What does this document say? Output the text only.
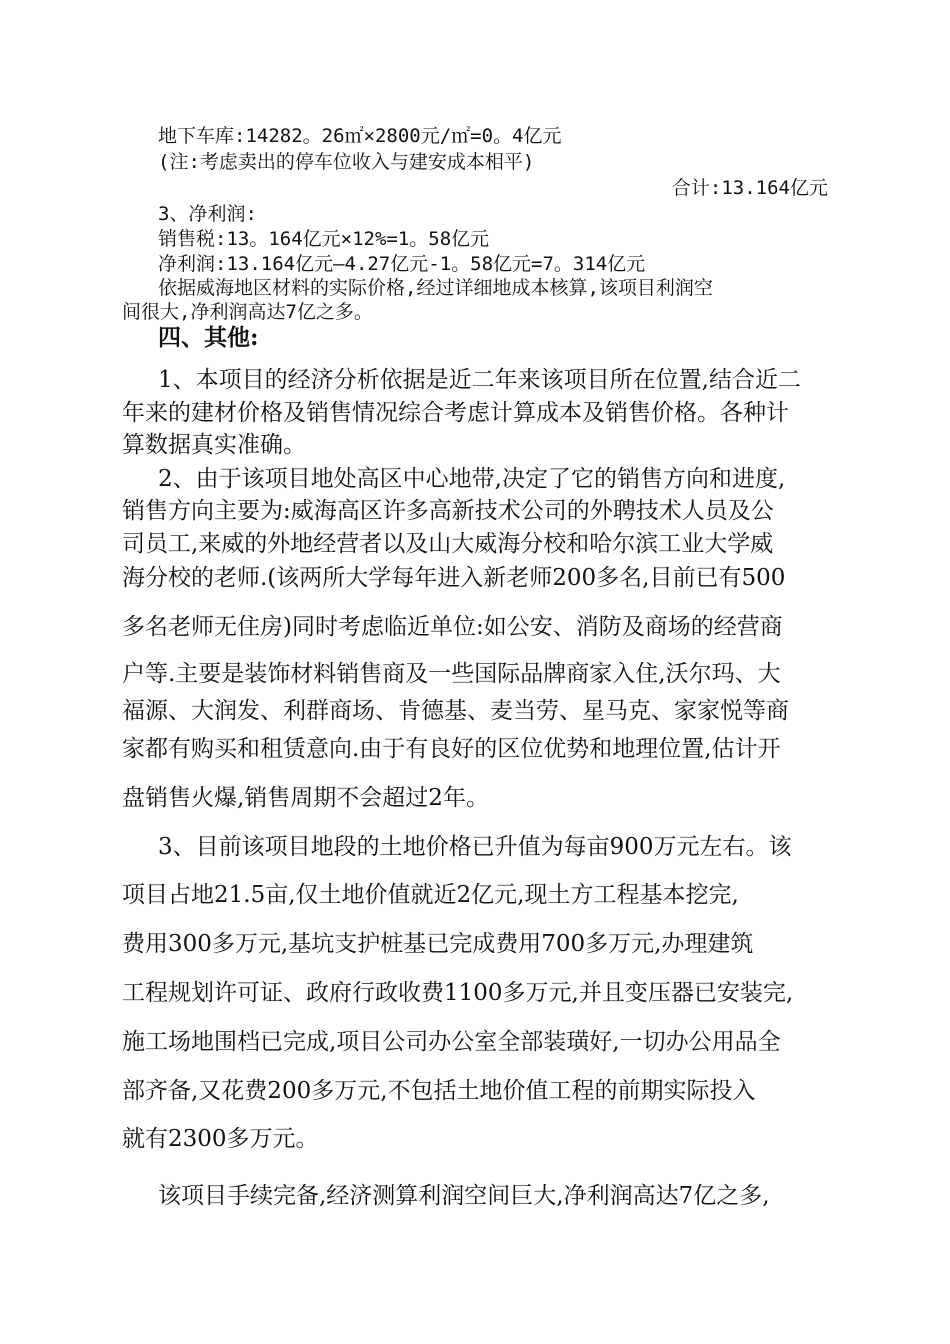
地下车库:14282。26㎡×2800元/㎡=0。4亿元
(注:考虑卖出的停车位收入与建安成本相平)
合计:13.164亿元
3、净利润:
销售税:13。164亿元×12%=1。58亿元
净利润:13.164亿元—4.27亿元-1。58亿元=7。314亿元
依据威海地区材料的实际价格,经过详细地成本核算,该项目利润空
间很大,净利润高达7亿之多。
四、其他:
1、本项目的经济分析依据是近二年来该项目所在位置,结合近二
年来的建材价格及销售情况综合考虑计算成本及销售价格。各种计
算数据真实准确。
2、由于该项目地处高区中心地带,决定了它的销售方向和进度,
销售方向主要为:威海高区许多高新技术公司的外聘技术人员及公
司员工,来威的外地经营者以及山大威海分校和哈尔滨工业大学威
海分校的老师.(该两所大学每年进入新老师200多名,目前已有500
多名老师无住房)同时考虑临近单位:如公安、消防及商场的经营商
户等.主要是装饰材料销售商及一些国际品牌商家入住,沃尔玛、大
福源、大润发、利群商场、肯德基、麦当劳、星马克、家家悦等商
家都有购买和租赁意向.由于有良好的区位优势和地理位置,估计开
盘销售火爆,销售周期不会超过2年。
3、目前该项目地段的土地价格已升值为每亩900万元左右。该
项目占地21.5亩,仅土地价值就近2亿元,现土方工程基本挖完,
费用300多万元,基坑支护桩基已完成费用700多万元,办理建筑
工程规划许可证、政府行政收费1100多万元,并且变压器已安装完,
施工场地围档已完成,项目公司办公室全部装璜好,一切办公用品全
部齐备,又花费200多万元,不包括土地价值工程的前期实际投入
就有2300多万元。
该项目手续完备,经济测算利润空间巨大,净利润高达7亿之多,
